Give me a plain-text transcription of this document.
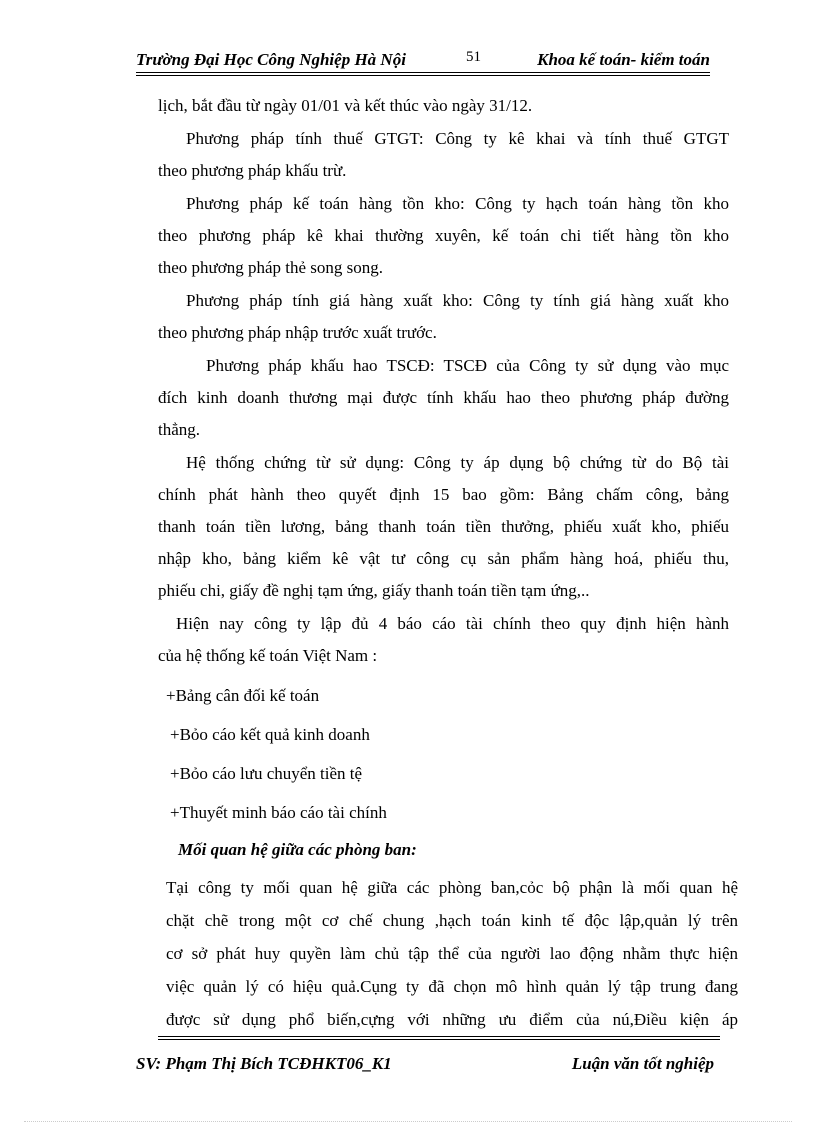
Trường Đại Học Công Nghiệp Hà Nội	51	Khoa kế toán- kiểm toán
lịch, bắt đầu từ ngày 01/01 và kết thúc vào ngày 31/12.
Phương pháp tính thuế GTGT: Công ty kê khai và tính thuế GTGT
theo phương pháp khấu trừ.
Phương pháp kế toán hàng tồn kho: Công ty hạch toán hàng tồn kho
theo phương pháp kê khai thường xuyên, kế toán chi tiết hàng tồn kho
theo phương pháp thẻ song song.
Phương pháp tính giá hàng xuất kho: Công ty tính giá hàng xuất kho
theo phương pháp nhập trước xuất trước.
Phương pháp khấu hao TSCĐ: TSCĐ của Công ty sử dụng vào mục
đích kinh doanh thương mại được tính khấu hao theo phương pháp đường
thẳng.
Hệ thống chứng từ sử dụng: Công ty áp dụng bộ chứng từ do Bộ tài
chính phát hành theo quyết định 15 bao gồm: Bảng chấm công, bảng
thanh toán tiền lương, bảng thanh toán tiền thưởng, phiếu xuất kho, phiếu
nhập kho, bảng kiểm kê vật tư công cụ sản phẩm hàng hoá, phiếu thu,
phiếu chi, giấy đề nghị tạm ứng, giấy thanh toán tiền tạm ứng,..
Hiện nay công ty lập đủ 4 báo cáo tài chính theo quy định hiện hành
của hệ thống kế toán Việt Nam :
+Bảng cân đối kế toán
+Bỏo cáo kết quả kinh doanh
+Bỏo cáo lưu chuyển tiền tệ
+Thuyết minh báo cáo tài chính
Mối quan hệ giữa các phòng ban:
Tại công ty mối quan hệ giữa các phòng ban,cỏc bộ phận là mối quan hệ
chặt chẽ trong một cơ chế chung ,hạch toán kinh tế độc lập,quản lý trên
cơ sở phát huy quyền làm chủ tập thể của người lao động nhằm thực hiện
việc quản lý có hiệu quả.Cụng ty đã chọn mô hình quản lý tập trung đang
được sử dụng phổ biến,cựng với những ưu điểm của nú,Điều kiện áp
SV: Phạm Thị Bích TCĐHKT06_K1	Luận văn tốt nghiệp
